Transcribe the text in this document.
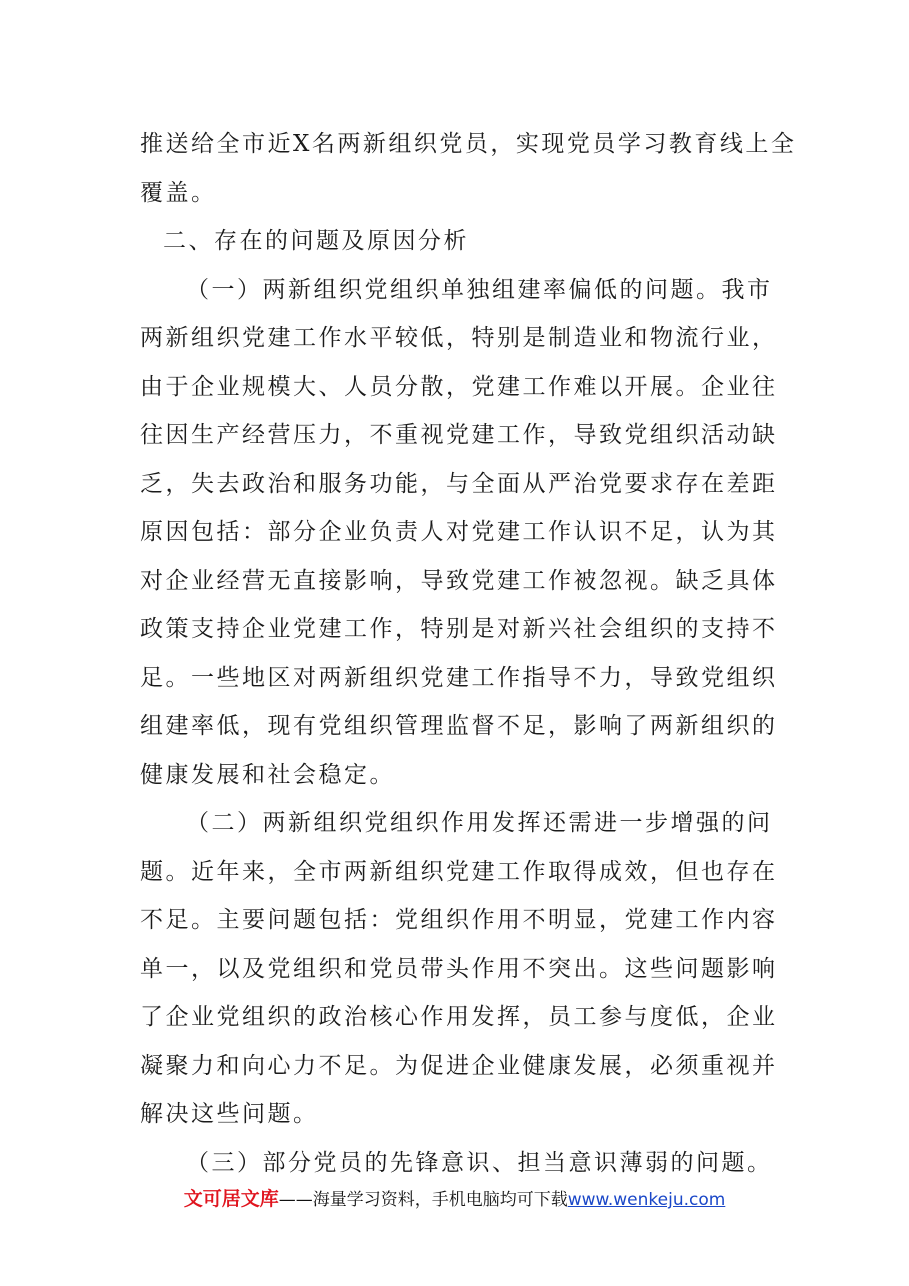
推送给全市近X名两新组织党员，实现党员学习教育线上全
覆盖。
二、存在的问题及原因分析
（一）两新组织党组织单独组建率偏低的问题。我市
两新组织党建工作水平较低，特别是制造业和物流行业，
由于企业规模大、人员分散，党建工作难以开展。企业往
往因生产经营压力，不重视党建工作，导致党组织活动缺
乏，失去政治和服务功能，与全面从严治党要求存在差距
原因包括：部分企业负责人对党建工作认识不足，认为其
对企业经营无直接影响，导致党建工作被忽视。缺乏具体
政策支持企业党建工作，特别是对新兴社会组织的支持不
足。一些地区对两新组织党建工作指导不力，导致党组织
组建率低，现有党组织管理监督不足，影响了两新组织的
健康发展和社会稳定。
（二）两新组织党组织作用发挥还需进一步增强的问
题。近年来，全市两新组织党建工作取得成效，但也存在
不足。主要问题包括：党组织作用不明显，党建工作内容
单一，以及党组织和党员带头作用不突出。这些问题影响
了企业党组织的政治核心作用发挥，员工参与度低，企业
凝聚力和向心力不足。为促进企业健康发展，必须重视并
解决这些问题。
（三）部分党员的先锋意识、担当意识薄弱的问题。
文可居文库——海量学习资料，手机电脑均可下载www.wenkeju.com
